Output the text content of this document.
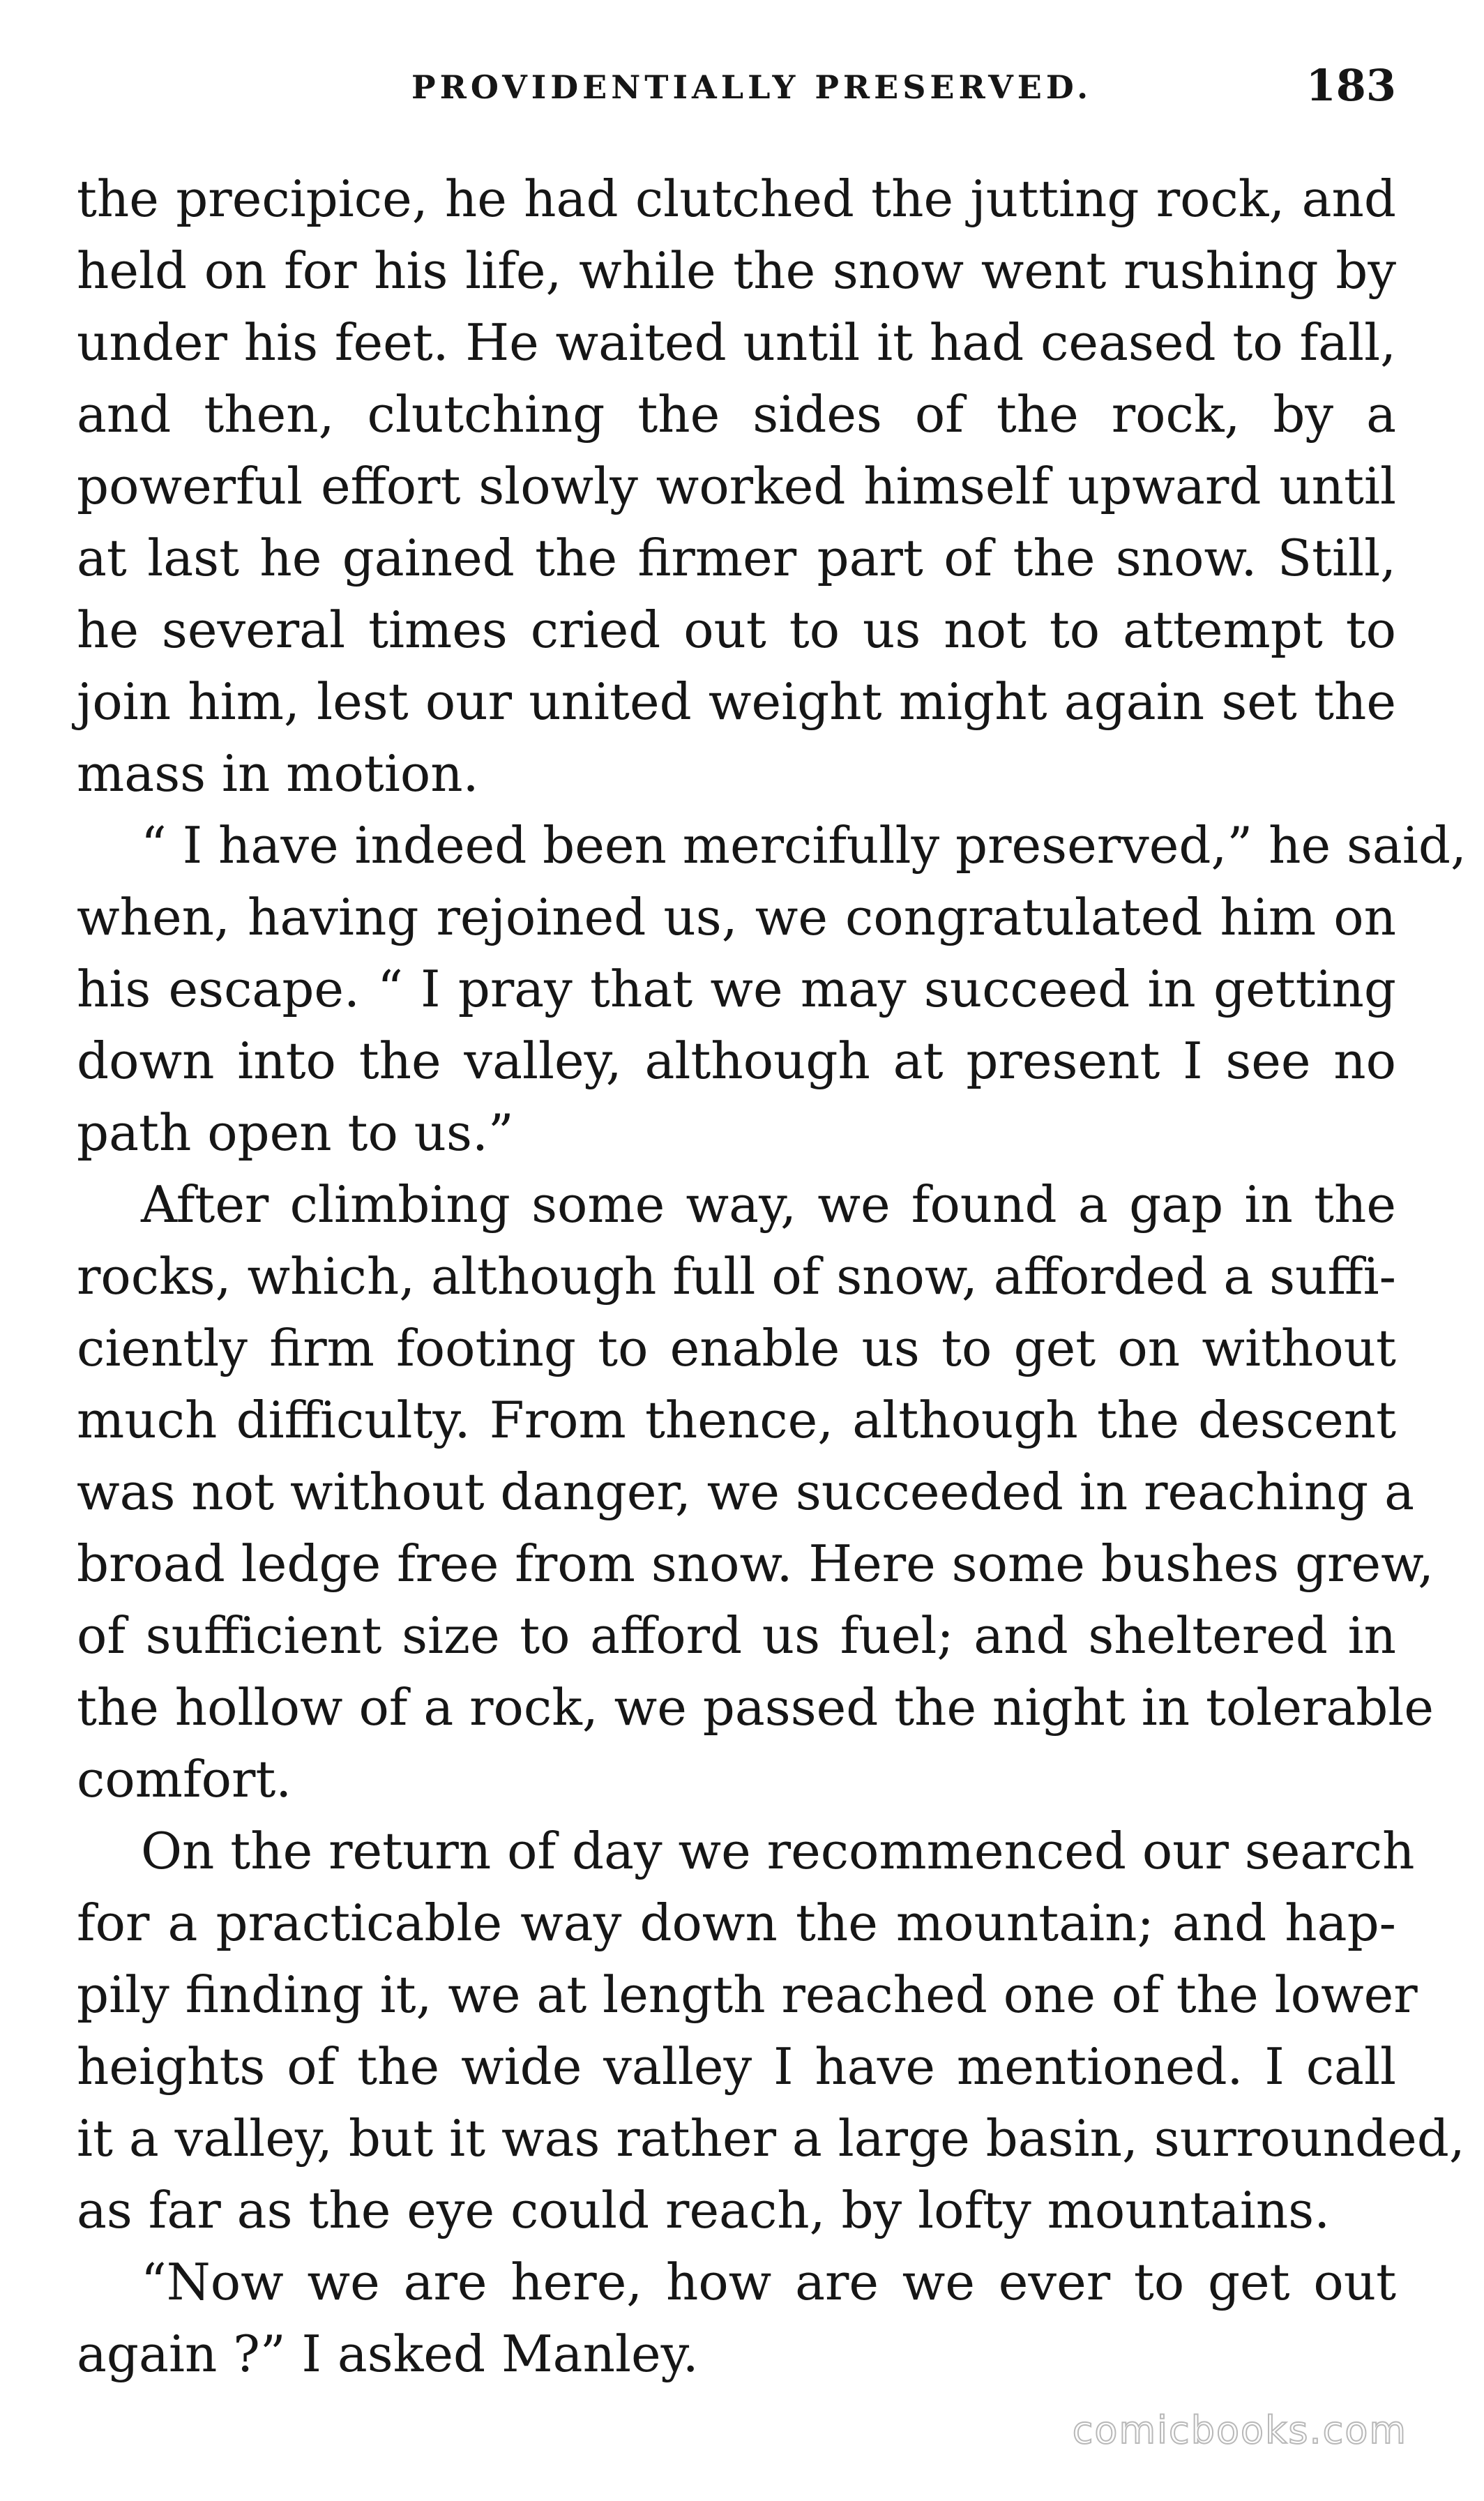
PROVIDENTIALLY PRESERVED.	183
the precipice, he had clutched the jutting rock, and
held on for his life, while the snow went rushing by
under his feet. He waited until it had ceased to fall,
and then, clutching the sides of the rock, by a
powerful effort slowly worked himself upward until
at last he gained the firmer part of the snow. Still,
he several times cried out to us not to attempt to
join him, lest our united weight might again set the
mass in motion.
“ I have indeed been mercifully preserved,” he said,
when, having rejoined us, we congratulated him on
his escape. “ I pray that we may succeed in getting
down into the valley, although at present I see no
path open to us.”
After climbing some way, we found a gap in the
rocks, which, although full of snow, afforded a suffi-
ciently firm footing to enable us to get on without
much difficulty. From thence, although the descent
was not without danger, we succeeded in reaching a
broad ledge free from snow. Here some bushes grew,
of sufficient size to afford us fuel; and sheltered in
the hollow of a rock, we passed the night in tolerable
comfort.
On the return of day we recommenced our search
for a practicable way down the mountain; and hap-
pily finding it, we at length reached one of the lower
heights of the wide valley I have mentioned. I call
it a valley, but it was rather a large basin, surrounded,
as far as the eye could reach, by lofty mountains.
“Now we are here, how are we ever to get out
again ?” I asked Manley.
comicbooks.com
